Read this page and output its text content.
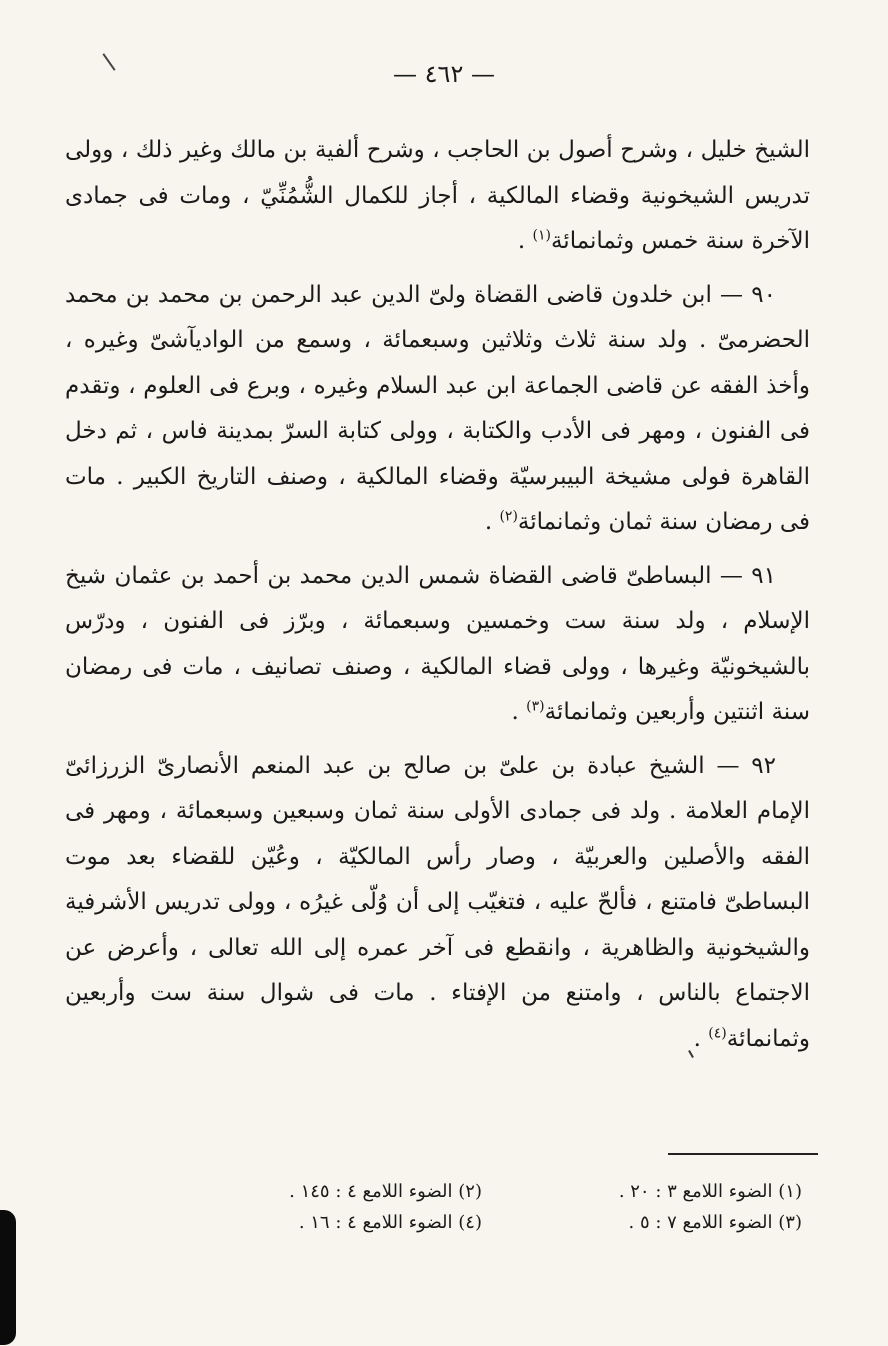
— ٤٦٢ —

الشيخ خليل ، وشرح أصول بن الحاجب ، وشرح ألفية بن مالك وغير ذلك ، وولى تدريس الشيخونية وقضاء المالكية ، أجاز للكمال الشُّمُنِّيّ ، ومات فى جمادى الآخرة سنة خمس وثمانمائة$^{(١)}$ .

٩٠ — ابن خلدون قاضى القضاة ولىّ الدين عبد الرحمن بن محمد بن محمد الحضرمىّ . ولد سنة ثلاث وثلاثين وسبعمائة ، وسمع من الواديآشىّ وغيره ، وأخذ الفقه عن قاضى الجماعة ابن عبد السلام وغيره ، وبرع فى العلوم ، وتقدم فى الفنون ، ومهر فى الأدب والكتابة ، وولى كتابة السرّ بمدينة فاس ، ثم دخل القاهرة فولى مشيخة البيبرسيّة وقضاء المالكية ، وصنف التاريخ الكبير . مات فى رمضان سنة ثمان وثمانمائة$^{(٢)}$ .

٩١ — البساطىّ قاضى القضاة شمس الدين محمد بن أحمد بن عثمان شيخ الإسلام ، ولد سنة ست وخمسين وسبعمائة ، وبرّز فى الفنون ، ودرّس بالشيخونيّة وغيرها ، وولى قضاء المالكية ، وصنف تصانيف ، مات فى رمضان سنة اثنتين وأربعين وثمانمائة$^{(٣)}$ .

٩٢ — الشيخ عبادة بن علىّ بن صالح بن عبد المنعم الأنصارىّ الزرزائىّ الإمام العلامة . ولد فى جمادى الأولى سنة ثمان وسبعين وسبعمائة ، ومهر فى الفقه والأصلين والعربيّة ، وصار رأس المالكيّة ، وعُيّن للقضاء بعد موت البساطىّ فامتنع ، فألحّ عليه ، فتغيّب إلى أن وُلّى غيرُه ، وولى تدريس الأشرفية والشيخونية والظاهرية ، وانقطع فى آخر عمره إلى الله تعالى ، وأعرض عن الاجتماع بالناس ، وامتنع من الإفتاء . مات فى شوال سنة ست وأربعين وثمانمائة$^{(٤)}$ .

(١) الضوء اللامع ٣ : ٢٠ .
(٢) الضوء اللامع ٤ : ١٤٥ .
(٣) الضوء اللامع ٧ : ٥ .
(٤) الضوء اللامع ٤ : ١٦ .
